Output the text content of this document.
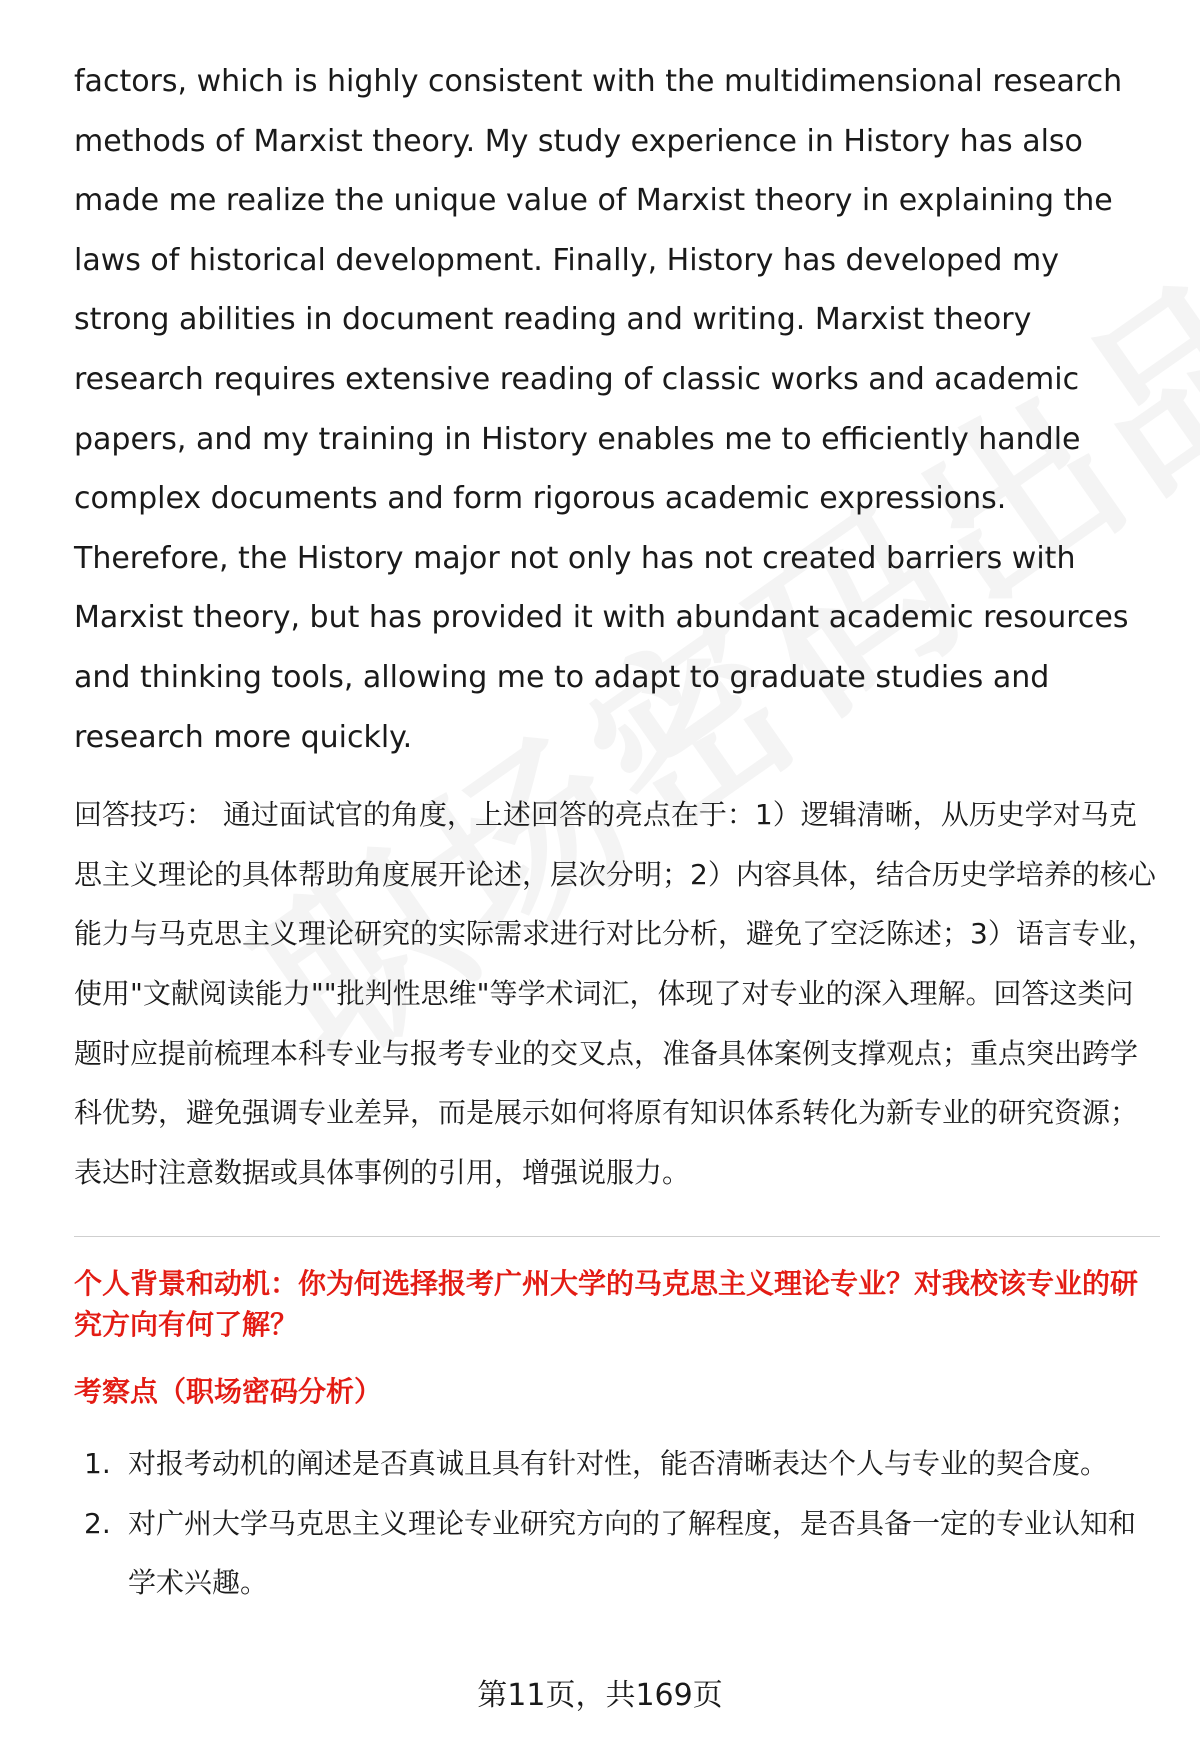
factors, which is highly consistent with the multidimensional research methods of Marxist theory. My study experience in History has also made me realize the unique value of Marxist theory in explaining the laws of historical development. Finally, History has developed my strong abilities in document reading and writing. Marxist theory research requires extensive reading of classic works and academic papers, and my training in History enables me to efficiently handle complex documents and form rigorous academic expressions. Therefore, the History major not only has not created barriers with Marxist theory, but has provided it with abundant academic resources and thinking tools, allowing me to adapt to graduate studies and research more quickly.

回答技巧： 通过面试官的角度，上述回答的亮点在于：1）逻辑清晰，从历史学对马克思主义理论的具体帮助角度展开论述，层次分明；2）内容具体，结合历史学培养的核心能力与马克思主义理论研究的实际需求进行对比分析，避免了空泛陈述；3）语言专业，使用"文献阅读能力""批判性思维"等学术词汇，体现了对专业的深入理解。回答这类问题时应提前梳理本科专业与报考专业的交叉点，准备具体案例支撑观点；重点突出跨学科优势，避免强调专业差异，而是展示如何将原有知识体系转化为新专业的研究资源；表达时注意数据或具体事例的引用，增强说服力。

个人背景和动机：你为何选择报考广州大学的马克思主义理论专业？对我校该专业的研究方向有何了解？

考察点（职场密码分析）

1. 对报考动机的阐述是否真诚且具有针对性，能否清晰表达个人与专业的契合度。
2. 对广州大学马克思主义理论专业研究方向的了解程度，是否具备一定的专业认知和学术兴趣。
第11页，共169页
